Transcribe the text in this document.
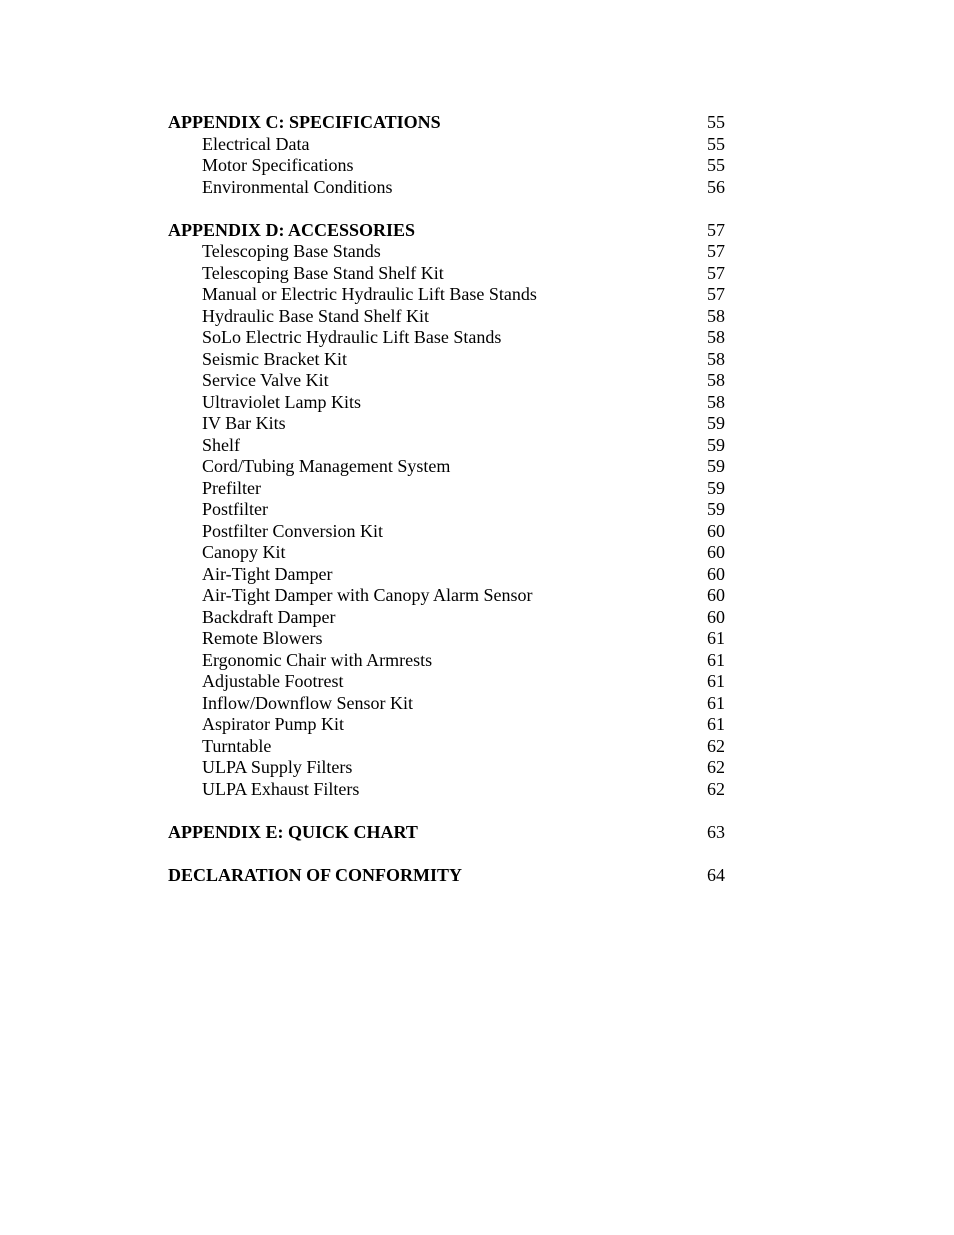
APPENDIX C: SPECIFICATIONS	55
Electrical Data	55
Motor Specifications	55
Environmental Conditions	56
APPENDIX D: ACCESSORIES	57
Telescoping Base Stands	57
Telescoping Base Stand Shelf Kit	57
Manual or Electric Hydraulic Lift Base Stands	57
Hydraulic Base Stand Shelf Kit	58
SoLo Electric Hydraulic Lift Base Stands	58
Seismic Bracket Kit	58
Service Valve Kit	58
Ultraviolet Lamp Kits	58
IV Bar Kits	59
Shelf	59
Cord/Tubing Management System	59
Prefilter	59
Postfilter	59
Postfilter Conversion Kit	60
Canopy Kit	60
Air-Tight Damper	60
Air-Tight Damper with Canopy Alarm Sensor	60
Backdraft Damper	60
Remote Blowers	61
Ergonomic Chair with Armrests	61
Adjustable Footrest	61
Inflow/Downflow Sensor Kit	61
Aspirator Pump Kit	61
Turntable	62
ULPA Supply Filters	62
ULPA Exhaust Filters	62
APPENDIX E: QUICK CHART	63
DECLARATION OF CONFORMITY	64
